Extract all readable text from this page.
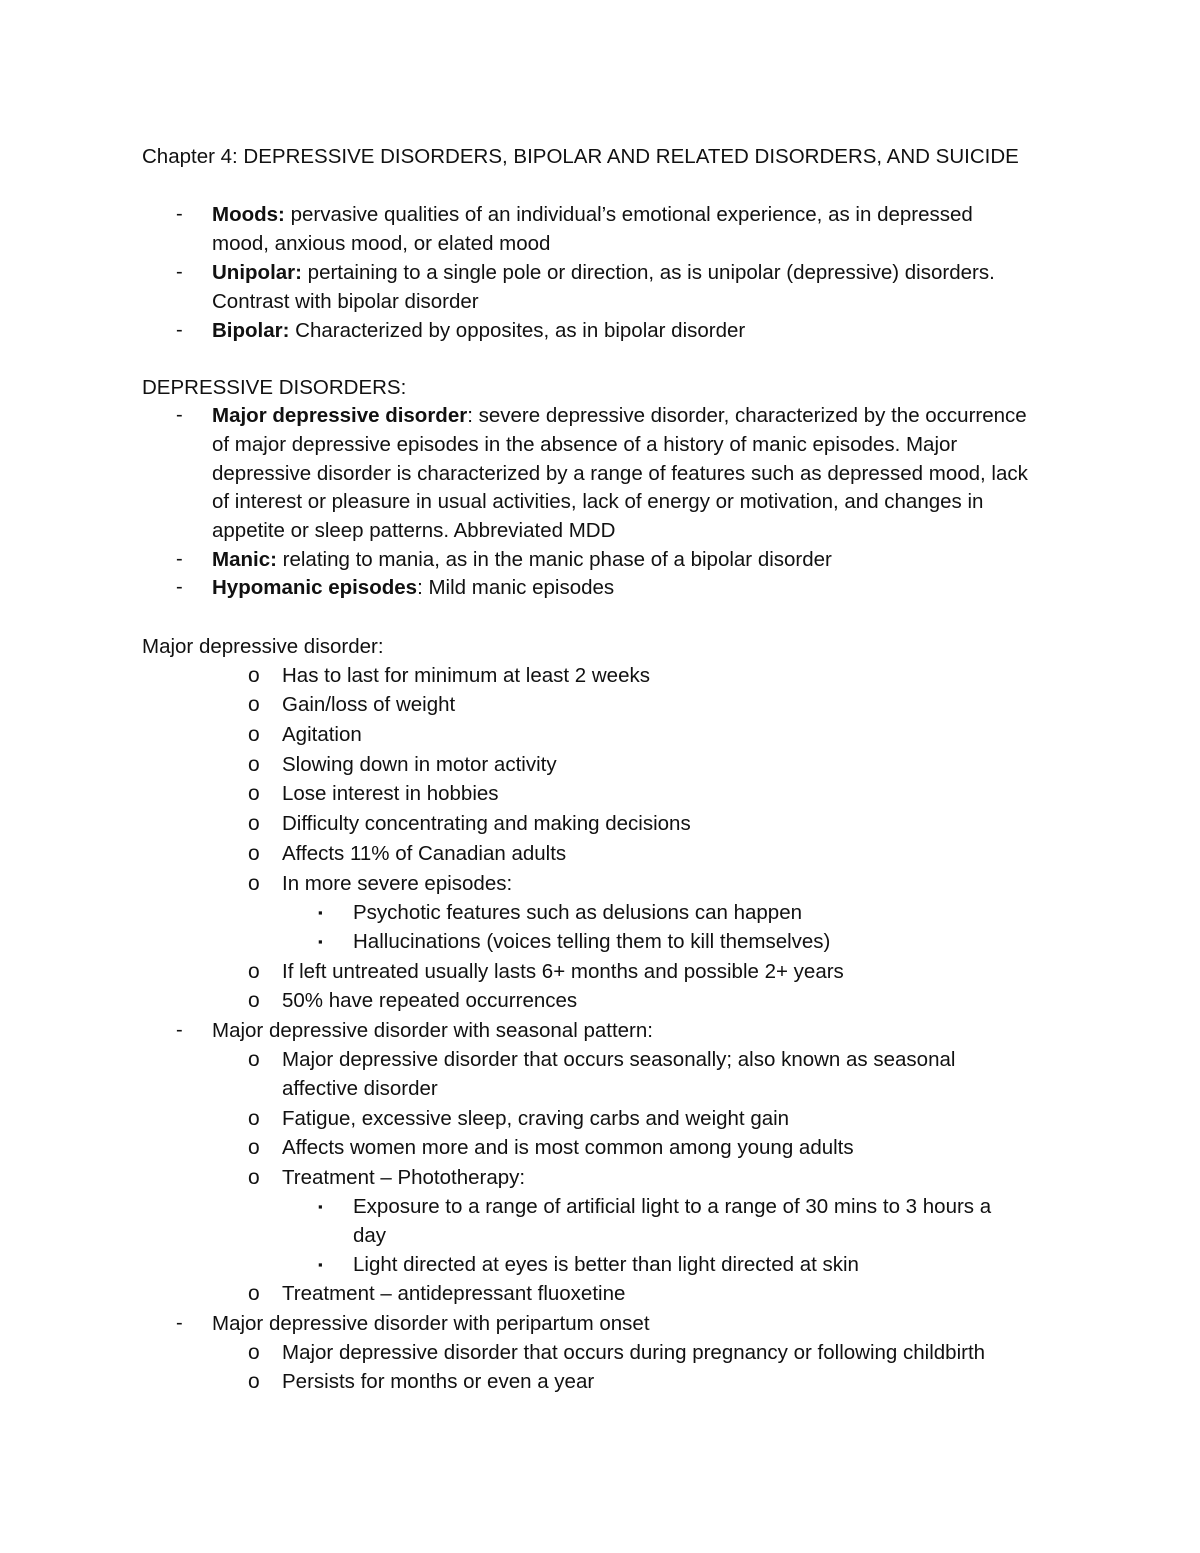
Chapter 4: DEPRESSIVE DISORDERS, BIPOLAR AND RELATED DISORDERS, AND SUICIDE
- Moods: pervasive qualities of an individual’s emotional experience, as in depressed
mood, anxious mood, or elated mood
- Unipolar: pertaining to a single pole or direction, as is unipolar (depressive) disorders.
Contrast with bipolar disorder
- Bipolar: Characterized by opposites, as in bipolar disorder
DEPRESSIVE DISORDERS:
- Major depressive disorder: severe depressive disorder, characterized by the occurrence
of major depressive episodes in the absence of a history of manic episodes. Major
depressive disorder is characterized by a range of features such as depressed mood, lack
of interest or pleasure in usual activities, lack of energy or motivation, and changes in
appetite or sleep patterns. Abbreviated MDD
- Manic: relating to mania, as in the manic phase of a bipolar disorder
- Hypomanic episodes: Mild manic episodes
Major depressive disorder:
o Has to last for minimum at least 2 weeks
o Gain/loss of weight
o Agitation
o Slowing down in motor activity
o Lose interest in hobbies
o Difficulty concentrating and making decisions
o Affects 11% of Canadian adults
o In more severe episodes:
▪ Psychotic features such as delusions can happen
▪ Hallucinations (voices telling them to kill themselves)
o If left untreated usually lasts 6+ months and possible 2+ years
o 50% have repeated occurrences
- Major depressive disorder with seasonal pattern:
o Major depressive disorder that occurs seasonally; also known as seasonal
affective disorder
o Fatigue, excessive sleep, craving carbs and weight gain
o Affects women more and is most common among young adults
o Treatment – Phototherapy:
▪ Exposure to a range of artificial light to a range of 30 mins to 3 hours a
day
▪ Light directed at eyes is better than light directed at skin
o Treatment – antidepressant fluoxetine
- Major depressive disorder with peripartum onset
o Major depressive disorder that occurs during pregnancy or following childbirth
o Persists for months or even a year
